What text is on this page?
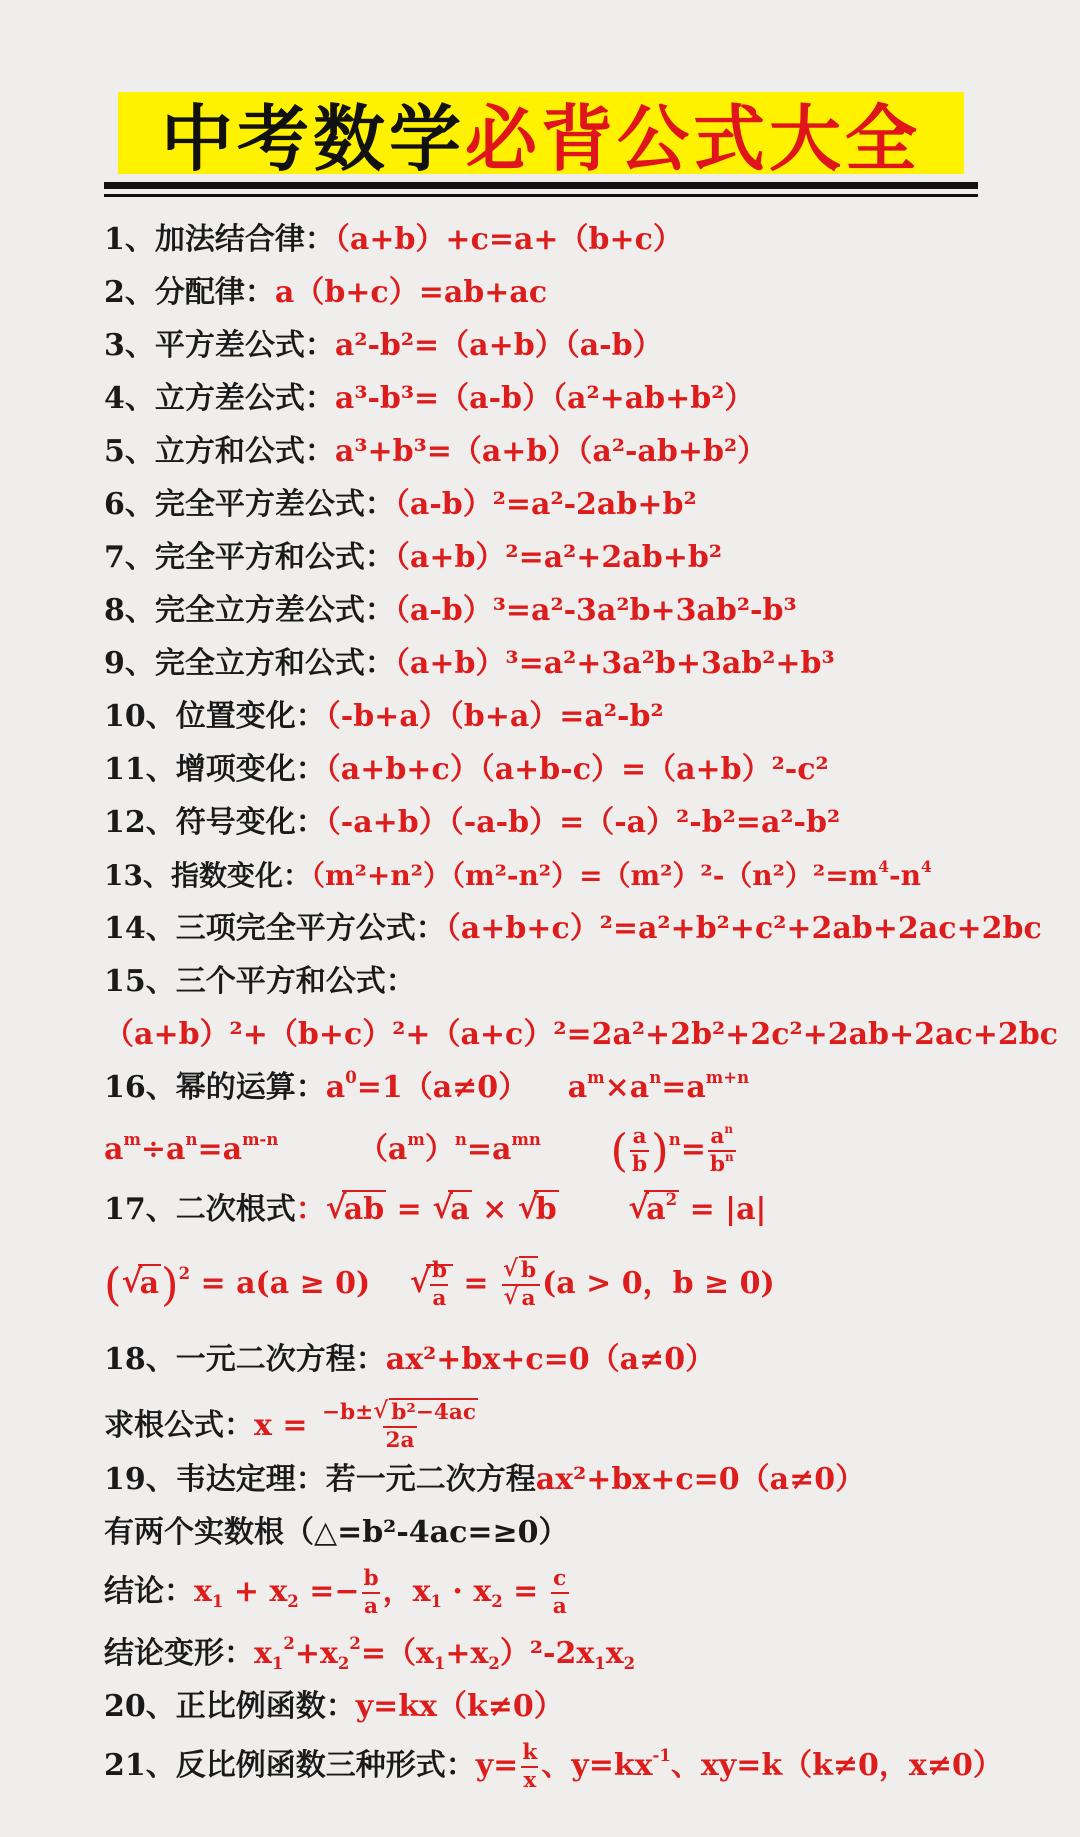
中考数学 必背公式大全
1、加法结合律：（a+b）+c=a+（b+c）
2、分配律：a（b+c）=ab+ac
3、平方差公式：a²-b²=（a+b）（a-b）
4、立方差公式：a³-b³=（a-b）（a²+ab+b²）
5、立方和公式：a³+b³=（a+b）（a²-ab+b²）
6、完全平方差公式：（a-b）²=a²-2ab+b²
7、完全平方和公式：（a+b）²=a²+2ab+b²
8、完全立方差公式：（a-b）³=a²-3a²b+3ab²-b³
9、完全立方和公式：（a+b）³=a²+3a²b+3ab²+b³
10、位置变化：（-b+a）（b+a）=a²-b²
11、增项变化：（a+b+c）（a+b-c）=（a+b）²-c²
12、符号变化：（-a+b）（-a-b）=（-a）²-b²=a²-b²
13、指数变化：$(m^2+n^2)(m^2-n^2)=(m^2)^2-(n^2)^2=m^4-n^4$
14、三项完全平方公式：（a+b+c）²=a²+b²+c²+2ab+2ac+2bc
15、三个平方和公式：
（a+b）²+（b+c）²+（a+c）²=2a²+2b²+2c²+2ab+2ac+2bc
16、幂的运算：$a^0=1(a\ne 0)$ $a^m\times a^n=a^{m+n}$
$a^m\div a^n=a^{m-n}$	$(a^m)^n=a^{mn}$ ( $\frac{a}{b} )^n= \frac{a^n}{b^n}$
17、二次根式： √ ab = √ a × √ b	√ $a^2 = |a|$
( √ a)$^2$ = a(a ≥ 0)	√ $\frac{b}{a}$ = √ b
√ a (a > 0，b ≥ 0)
18、一元二次方程：ax²+bx+c=0（a≠0）
求根公式：$x = \frac{\text{−b± √ b²−4ac}}{2a}$
19、韦达定理：若一元二次方程ax²+bx+c=0（a≠0）
有两个实数根（△=b²-4ac=≥0）
结论：$x_1 + x_2 =- \frac{b}{a}$ ，$x_1 \cdot x_2 = \frac{c}{a}$
结论变形：$x_1^2+x_2^2=(x_1+x_2)^2-2x_1x_2$
20、正比例函数：y=kx（k≠0）
21、反比例函数三种形式：$y= \frac{k}{x}$ 、$y=kx^{-1}$、xy=k（k≠0，x≠0）
